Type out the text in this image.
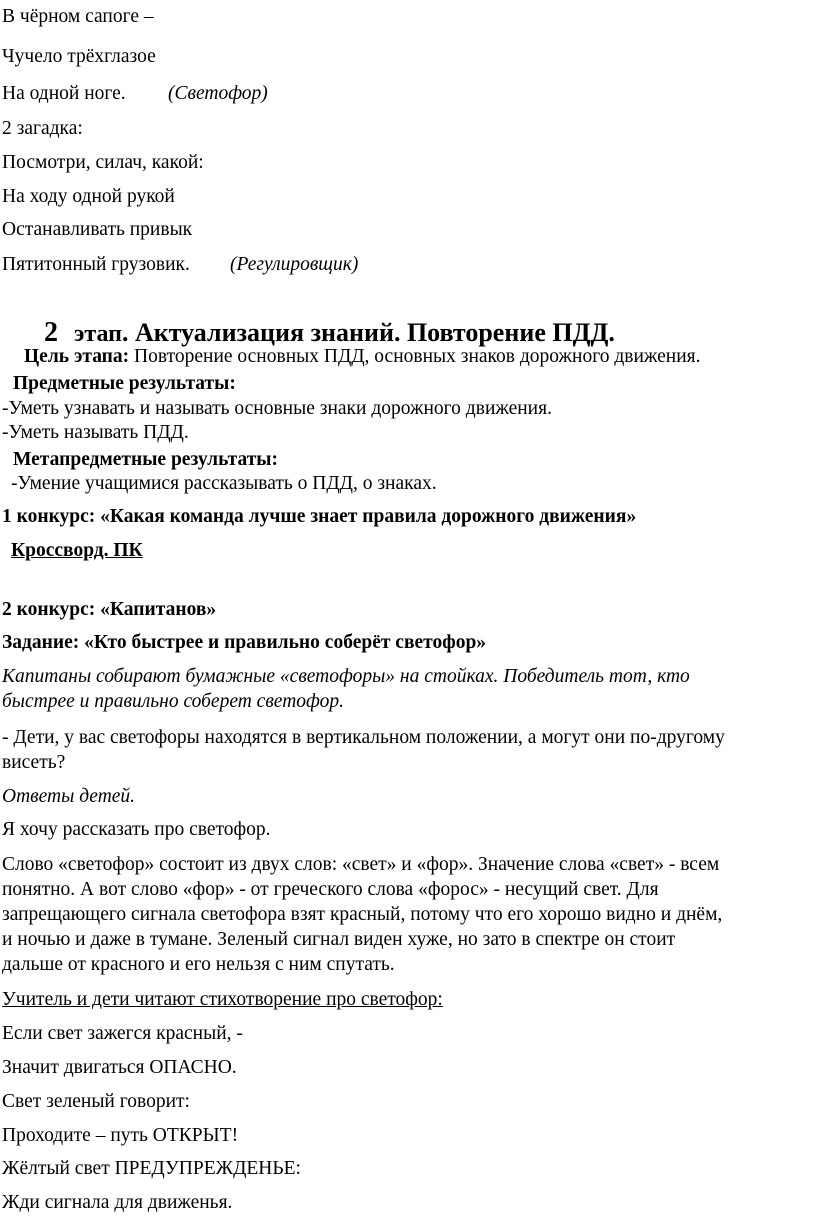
В чёрном сапоге –

Чучело трёхглазое

На одной ноге. (Светофор)

2 загадка:

Посмотри, силач, какой:

На ходу одной рукой

Останавливать привык

Пятитонный грузовик. (Регулировщик)

2 этап. Актуализация знаний. Повторение ПДД.

Цель этапа: Повторение основных ПДД, основных знаков дорожного движения.

Предметные результаты:

-Уметь узнавать и называть основные знаки дорожного движения.

-Уметь называть ПДД.

Метапредметные результаты:

-Умение учащимися рассказывать о ПДД, о знаках.

1 конкурс: «Какая команда лучше знает правила дорожного движения»

Кроссворд. ПК

2 конкурс: «Капитанов»

Задание: «Кто быстрее и правильно соберёт светофор»

Капитаны собирают бумажные «светофоры» на стойках. Победитель тот, кто

быстрее и правильно соберет светофор.

- Дети, у вас светофоры находятся в вертикальном положении, а могут они по-другому

висеть?

Ответы детей.

Я хочу рассказать про светофор.

Слово «светофор» состоит из двух слов: «свет» и «фор». Значение слова «свет» - всем

понятно. А вот слово «фор» - от греческого слова «форос» - несущий свет. Для

запрещающего сигнала светофора взят красный, потому что его хорошо видно и днём,

и ночью и даже в тумане. Зеленый сигнал виден хуже, но зато в спектре он стоит

дальше от красного и его нельзя с ним спутать.

Учитель и дети читают стихотворение про светофор:

Если свет зажегся красный, -

Значит двигаться ОПАСНО.

Свет зеленый говорит:

Проходите – путь ОТКРЫТ!

Жёлтый свет ПРЕДУПРЕЖДЕНЬЕ:

Жди сигнала для движенья.
